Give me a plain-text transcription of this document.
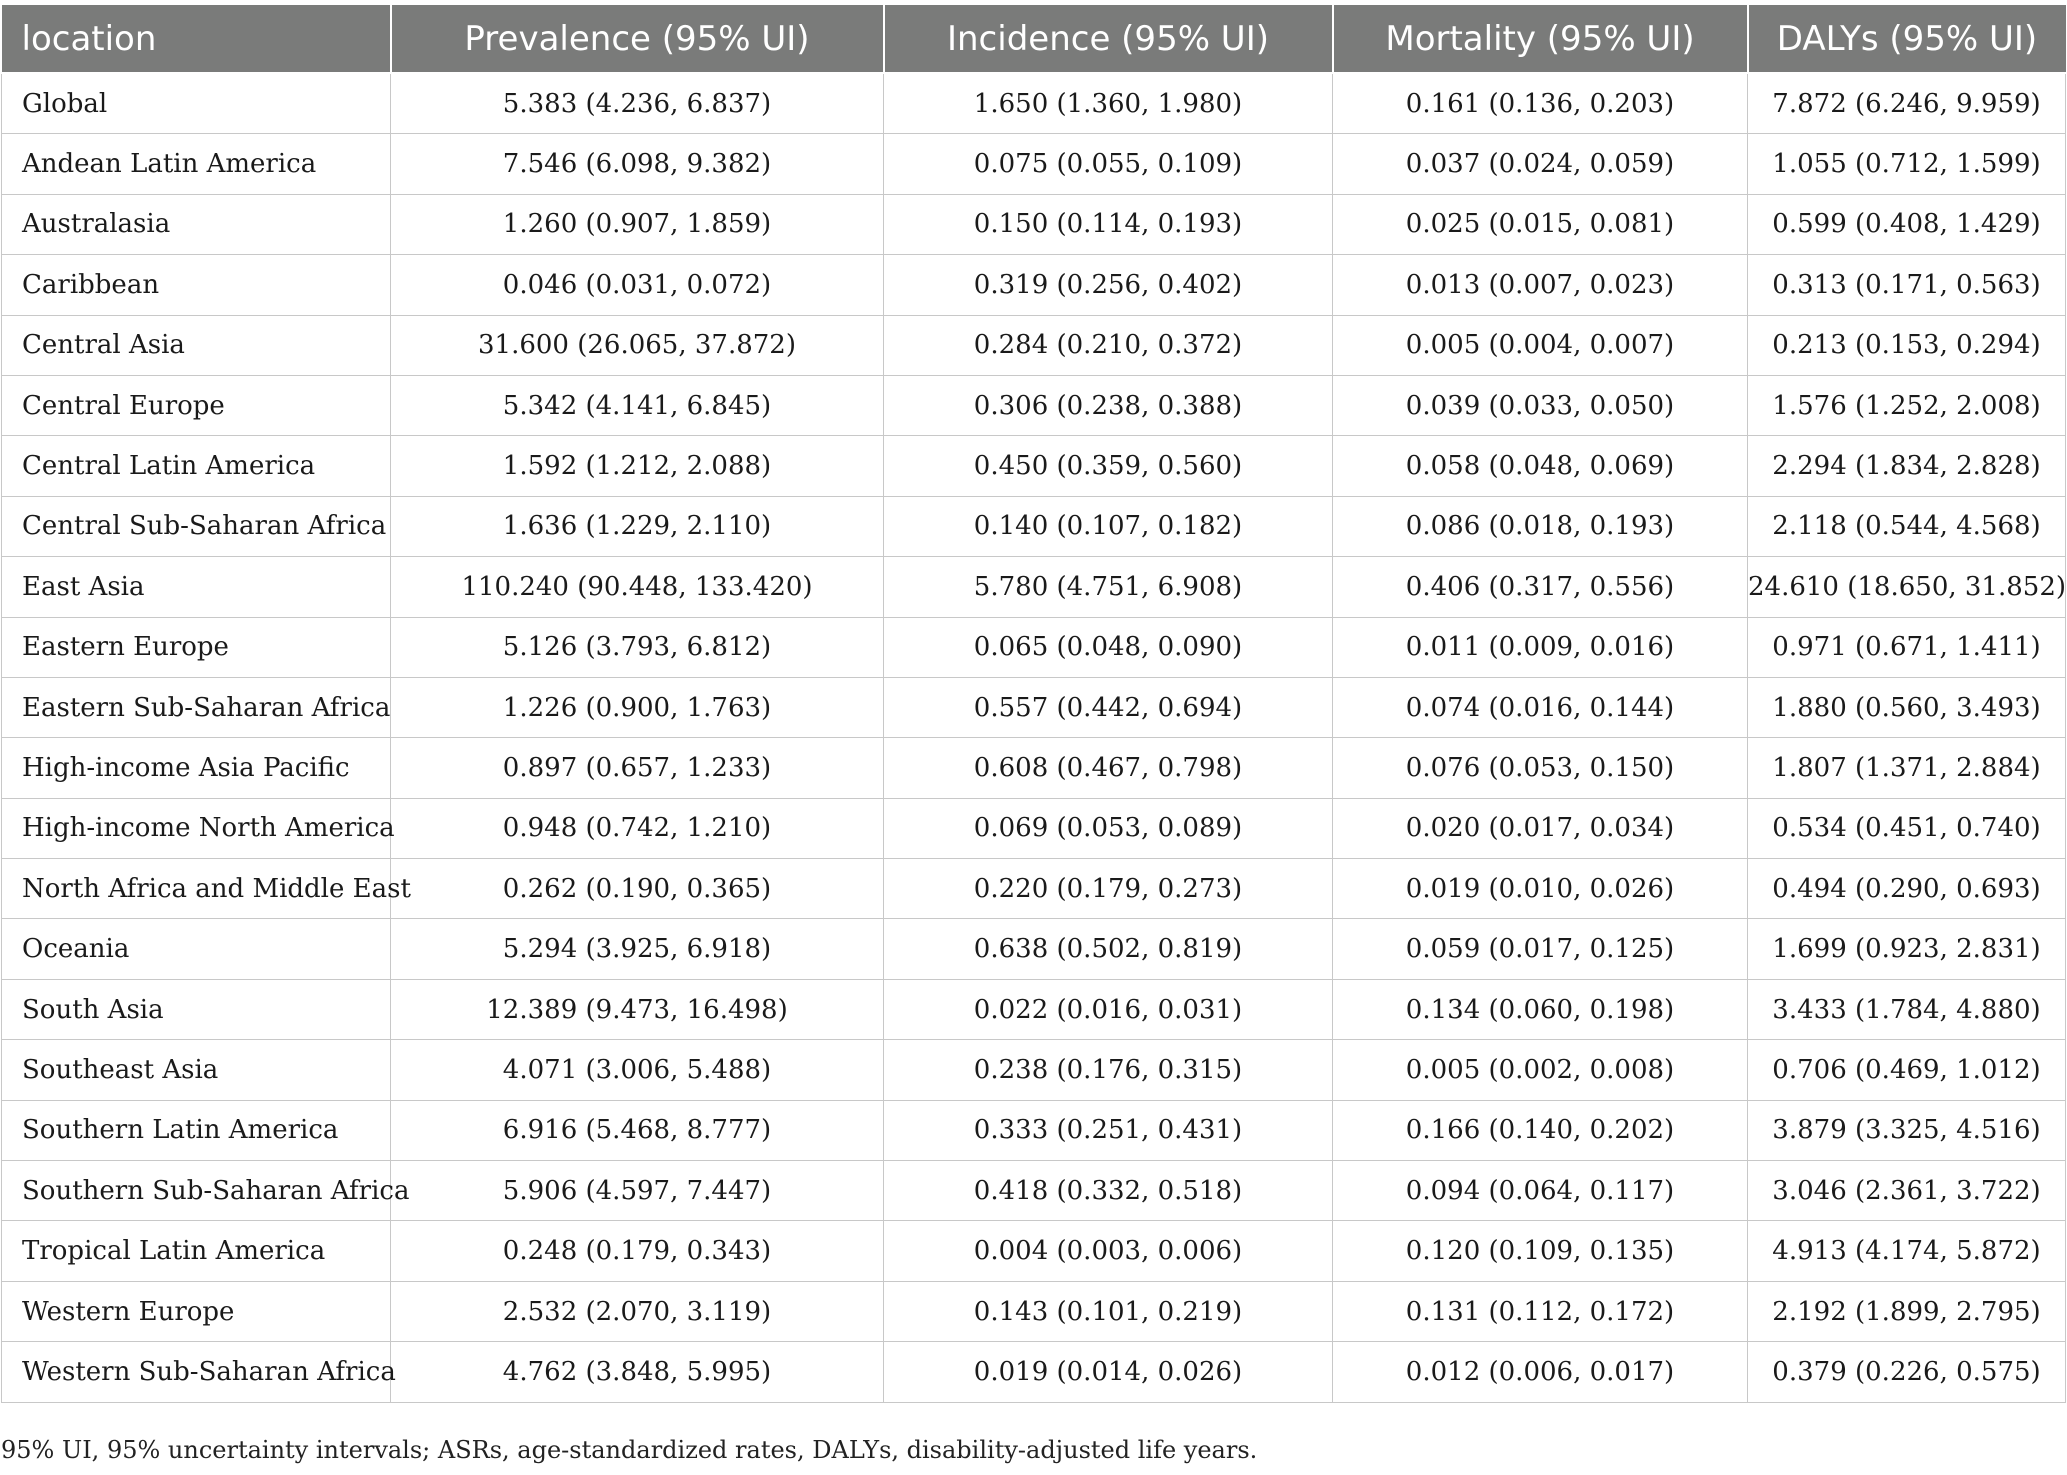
location	Prevalence (95% UI)	Incidence (95% UI)	Mortality (95% UI)	DALYs (95% UI)
Global	5.383 (4.236, 6.837)	1.650 (1.360, 1.980)	0.161 (0.136, 0.203)	7.872 (6.246, 9.959)
Andean Latin America	7.546 (6.098, 9.382)	0.075 (0.055, 0.109)	0.037 (0.024, 0.059)	1.055 (0.712, 1.599)
Australasia	1.260 (0.907, 1.859)	0.150 (0.114, 0.193)	0.025 (0.015, 0.081)	0.599 (0.408, 1.429)
Caribbean	0.046 (0.031, 0.072)	0.319 (0.256, 0.402)	0.013 (0.007, 0.023)	0.313 (0.171, 0.563)
Central Asia	31.600 (26.065, 37.872)	0.284 (0.210, 0.372)	0.005 (0.004, 0.007)	0.213 (0.153, 0.294)
Central Europe	5.342 (4.141, 6.845)	0.306 (0.238, 0.388)	0.039 (0.033, 0.050)	1.576 (1.252, 2.008)
Central Latin America	1.592 (1.212, 2.088)	0.450 (0.359, 0.560)	0.058 (0.048, 0.069)	2.294 (1.834, 2.828)
Central Sub-Saharan Africa	1.636 (1.229, 2.110)	0.140 (0.107, 0.182)	0.086 (0.018, 0.193)	2.118 (0.544, 4.568)
East Asia	110.240 (90.448, 133.420)	5.780 (4.751, 6.908)	0.406 (0.317, 0.556)	24.610 (18.650, 31.852)
Eastern Europe	5.126 (3.793, 6.812)	0.065 (0.048, 0.090)	0.011 (0.009, 0.016)	0.971 (0.671, 1.411)
Eastern Sub-Saharan Africa	1.226 (0.900, 1.763)	0.557 (0.442, 0.694)	0.074 (0.016, 0.144)	1.880 (0.560, 3.493)
High-income Asia Pacific	0.897 (0.657, 1.233)	0.608 (0.467, 0.798)	0.076 (0.053, 0.150)	1.807 (1.371, 2.884)
High-income North America	0.948 (0.742, 1.210)	0.069 (0.053, 0.089)	0.020 (0.017, 0.034)	0.534 (0.451, 0.740)
North Africa and Middle East	0.262 (0.190, 0.365)	0.220 (0.179, 0.273)	0.019 (0.010, 0.026)	0.494 (0.290, 0.693)
Oceania	5.294 (3.925, 6.918)	0.638 (0.502, 0.819)	0.059 (0.017, 0.125)	1.699 (0.923, 2.831)
South Asia	12.389 (9.473, 16.498)	0.022 (0.016, 0.031)	0.134 (0.060, 0.198)	3.433 (1.784, 4.880)
Southeast Asia	4.071 (3.006, 5.488)	0.238 (0.176, 0.315)	0.005 (0.002, 0.008)	0.706 (0.469, 1.012)
Southern Latin America	6.916 (5.468, 8.777)	0.333 (0.251, 0.431)	0.166 (0.140, 0.202)	3.879 (3.325, 4.516)
Southern Sub-Saharan Africa	5.906 (4.597, 7.447)	0.418 (0.332, 0.518)	0.094 (0.064, 0.117)	3.046 (2.361, 3.722)
Tropical Latin America	0.248 (0.179, 0.343)	0.004 (0.003, 0.006)	0.120 (0.109, 0.135)	4.913 (4.174, 5.872)
Western Europe	2.532 (2.070, 3.119)	0.143 (0.101, 0.219)	0.131 (0.112, 0.172)	2.192 (1.899, 2.795)
Western Sub-Saharan Africa	4.762 (3.848, 5.995)	0.019 (0.014, 0.026)	0.012 (0.006, 0.017)	0.379 (0.226, 0.575)
95% UI, 95% uncertainty intervals; ASRs, age-standardized rates, DALYs, disability-adjusted life years.
